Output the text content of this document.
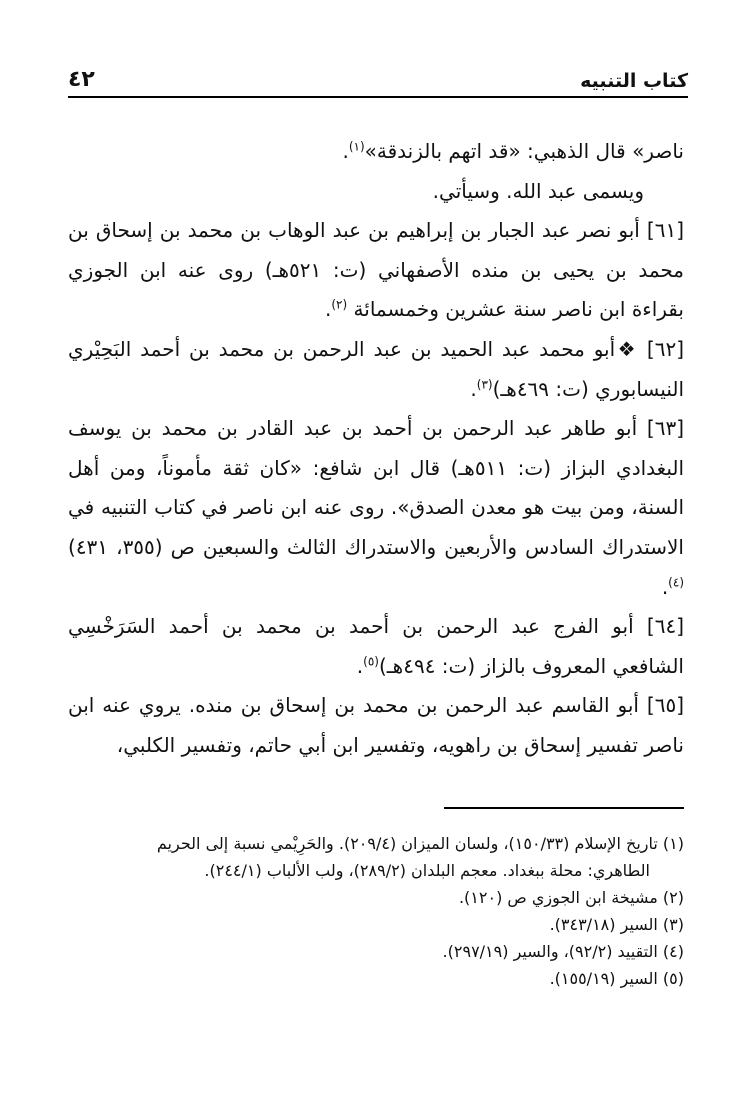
كتاب التنبيه
٤٢

ناصر» قال الذهبي: «قد اتهم بالزندقة»$^{(١)}$.

ويسمى عبد الله. وسيأتي.

[٦١] أبو نصر عبد الجبار بن إبراهيم بن عبد الوهاب بن محمد بن إسحاق بن محمد بن يحيى بن منده الأصفهاني (ت: ٥٢١هـ) روى عنه ابن الجوزي بقراءة ابن ناصر سنة عشرين وخمسمائة $^{(٢)}$.

[٦٢] ❖أبو محمد عبد الحميد بن عبد الرحمن بن محمد بن أحمد البَحِيْري النيسابوري (ت: ٤٦٩هـ)$^{(٣)}$.

[٦٣] أبو طاهر عبد الرحمن بن أحمد بن عبد القادر بن محمد بن يوسف البغدادي البزاز (ت: ٥١١هـ) قال ابن شافع: «كان ثقة مأموناً، ومن أهل السنة، ومن بيت هو معدن الصدق». روى عنه ابن ناصر في كتاب التنبيه في الاستدراك السادس والأربعين والاستدراك الثالث والسبعين ص (٣٥٥، ٤٣١)$^{(٤)}$.

[٦٤] أبو الفرج عبد الرحمن بن أحمد بن محمد بن أحمد السَرَخْسِي الشافعي المعروف بالزاز (ت: ٤٩٤هـ)$^{(٥)}$.

[٦٥] أبو القاسم عبد الرحمن بن محمد بن إسحاق بن منده. يروي عنه ابن ناصر تفسير إسحاق بن راهويه، وتفسير ابن أبي حاتم، وتفسير الكلبي،

(١) تاريخ الإسلام (١٥٠/٣٣)، ولسان الميزان (٢٠٩/٤). والحَرِيْمي نسبة إلى الحريم

الطاهري: محلة ببغداد. معجم البلدان (٢٨٩/٢)، ولب الألباب (٢٤٤/١).

(٢) مشيخة ابن الجوزي ص (١٢٠).

(٣) السير (٣٤٣/١٨).

(٤) التقييد (٩٢/٢)، والسير (٢٩٧/١٩).

(٥) السير (١٥٥/١٩).
